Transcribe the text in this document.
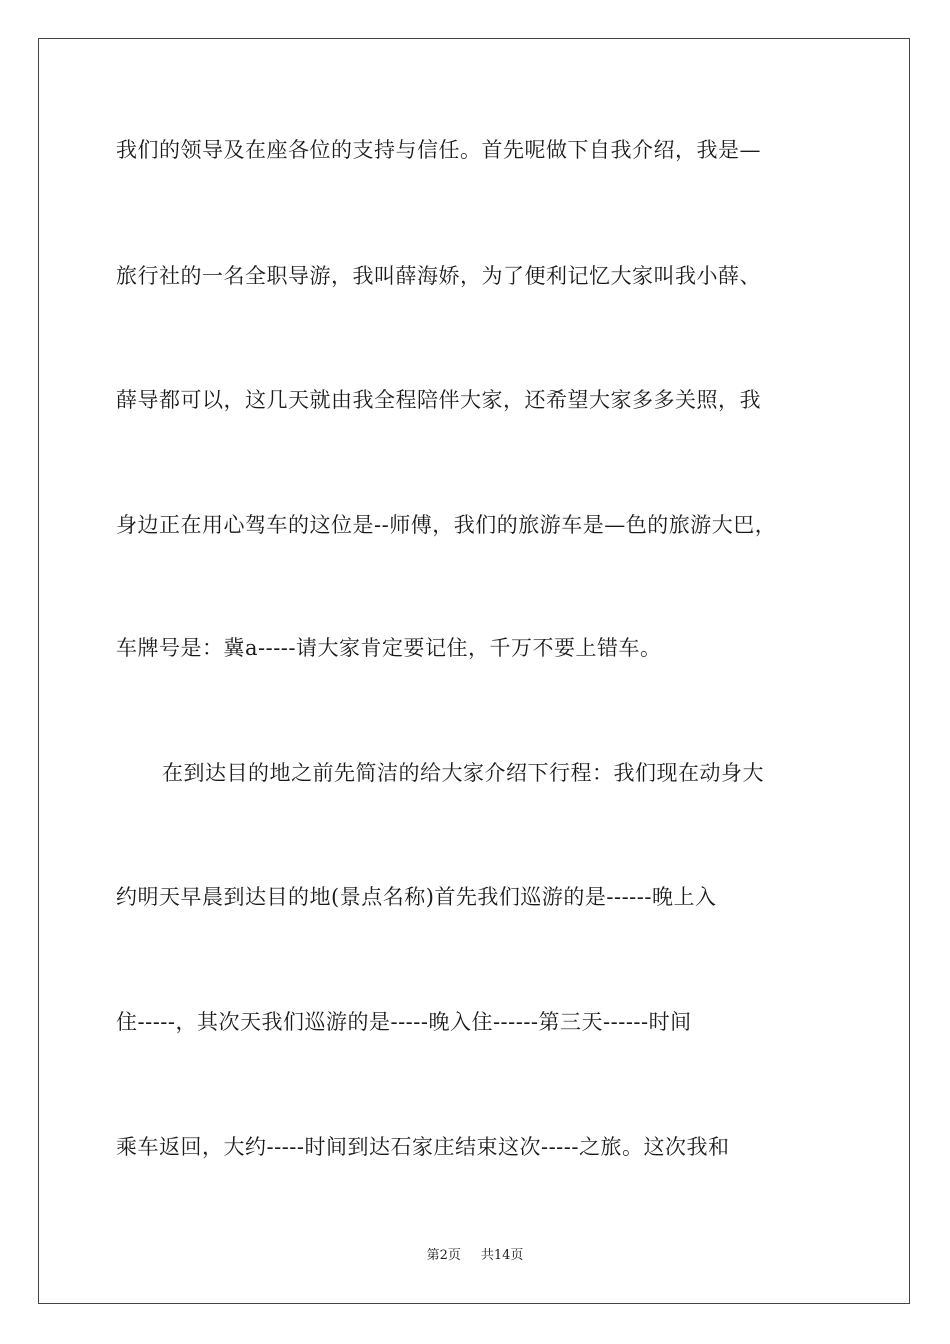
我们的领导及在座各位的支持与信任。首先呢做下自我介绍，我是—
旅行社的一名全职导游，我叫薛海娇，为了便利记忆大家叫我小薛、
薛导都可以，这几天就由我全程陪伴大家，还希望大家多多关照，我
身边正在用心驾车的这位是--师傅，我们的旅游车是—色的旅游大巴，
车牌号是：冀a-----请大家肯定要记住，千万不要上错车。
在到达目的地之前先简洁的给大家介绍下行程：我们现在动身大
约明天早晨到达目的地(景点名称)首先我们巡游的是------晚上入
住-----，其次天我们巡游的是-----晚入住------第三天------时间
乘车返回，大约-----时间到达石家庄结束这次-----之旅。这次我和
第2页 共14页
